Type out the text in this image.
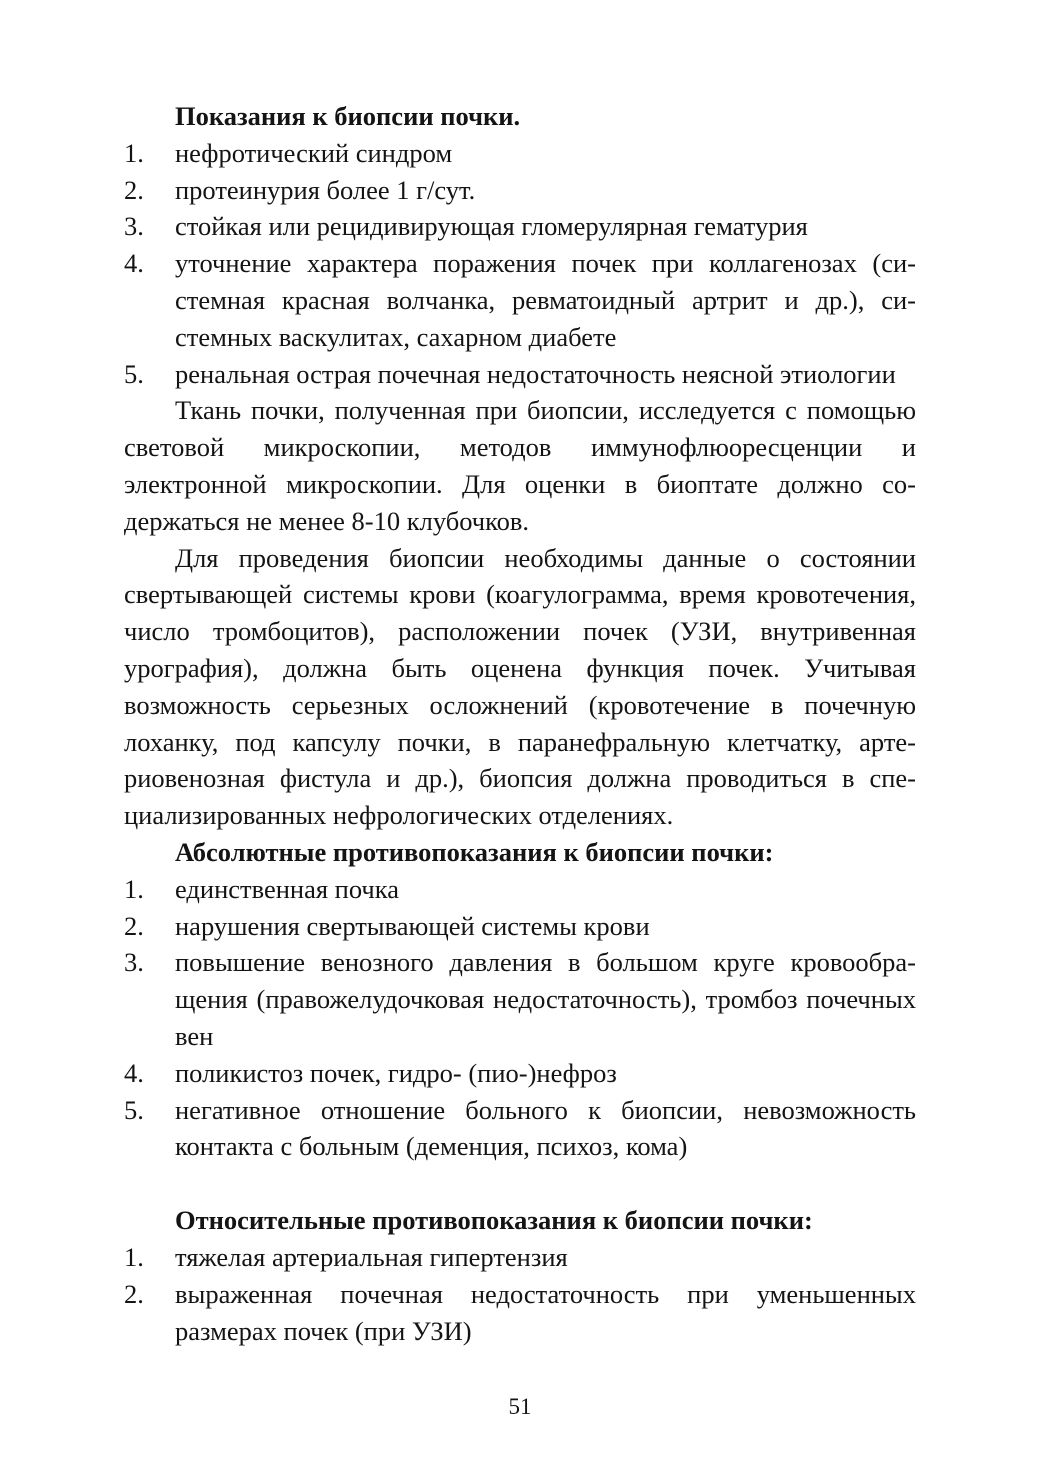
Показания к биопсии почки.

1.	нефротический синдром
2.	протеинурия более 1 г/сут.
3.	стойкая или рецидивирующая гломерулярная гематурия
4.	уточнение характера поражения почек при коллагенозах (системная красная волчанка, ревматоидный артрит и др.), системных васкулитах, сахарном диабете
5.	ренальная острая почечная недостаточность неясной этиологии

Ткань почки, полученная при биопсии, исследуется с помощью световой микроскопии, методов иммунофлюоресценции и электронной микроскопии. Для оценки в биоптате должно содержаться не менее 8-10 клубочков.

Для проведения биопсии необходимы данные о состоянии свертывающей системы крови (коагулограмма, время кровотечения, число тромбоцитов), расположении почек (УЗИ, внутривенная урография), должна быть оценена функция почек. Учитывая возможность серьезных осложнений (кровотечение в почечную лоханку, под капсулу почки, в паранефральную клетчатку, артериовенозная фистула и др.), биопсия должна проводиться в специализированных нефрологических отделениях.

Абсолютные противопоказания к биопсии почки:

1.	единственная почка
2.	нарушения свертывающей системы крови
3.	повышение венозного давления в большом круге кровообращения (правожелудочковая недостаточность), тромбоз почечных вен
4.	поликистоз почек, гидро- (пио-)нефроз
5.	негативное отношение больного к биопсии, невозможность контакта с больным (деменция, психоз, кома)

Относительные противопоказания к биопсии почки:

1.	тяжелая артериальная гипертензия
2.	выраженная почечная недостаточность при уменьшенных размерах почек (при УЗИ)
51
